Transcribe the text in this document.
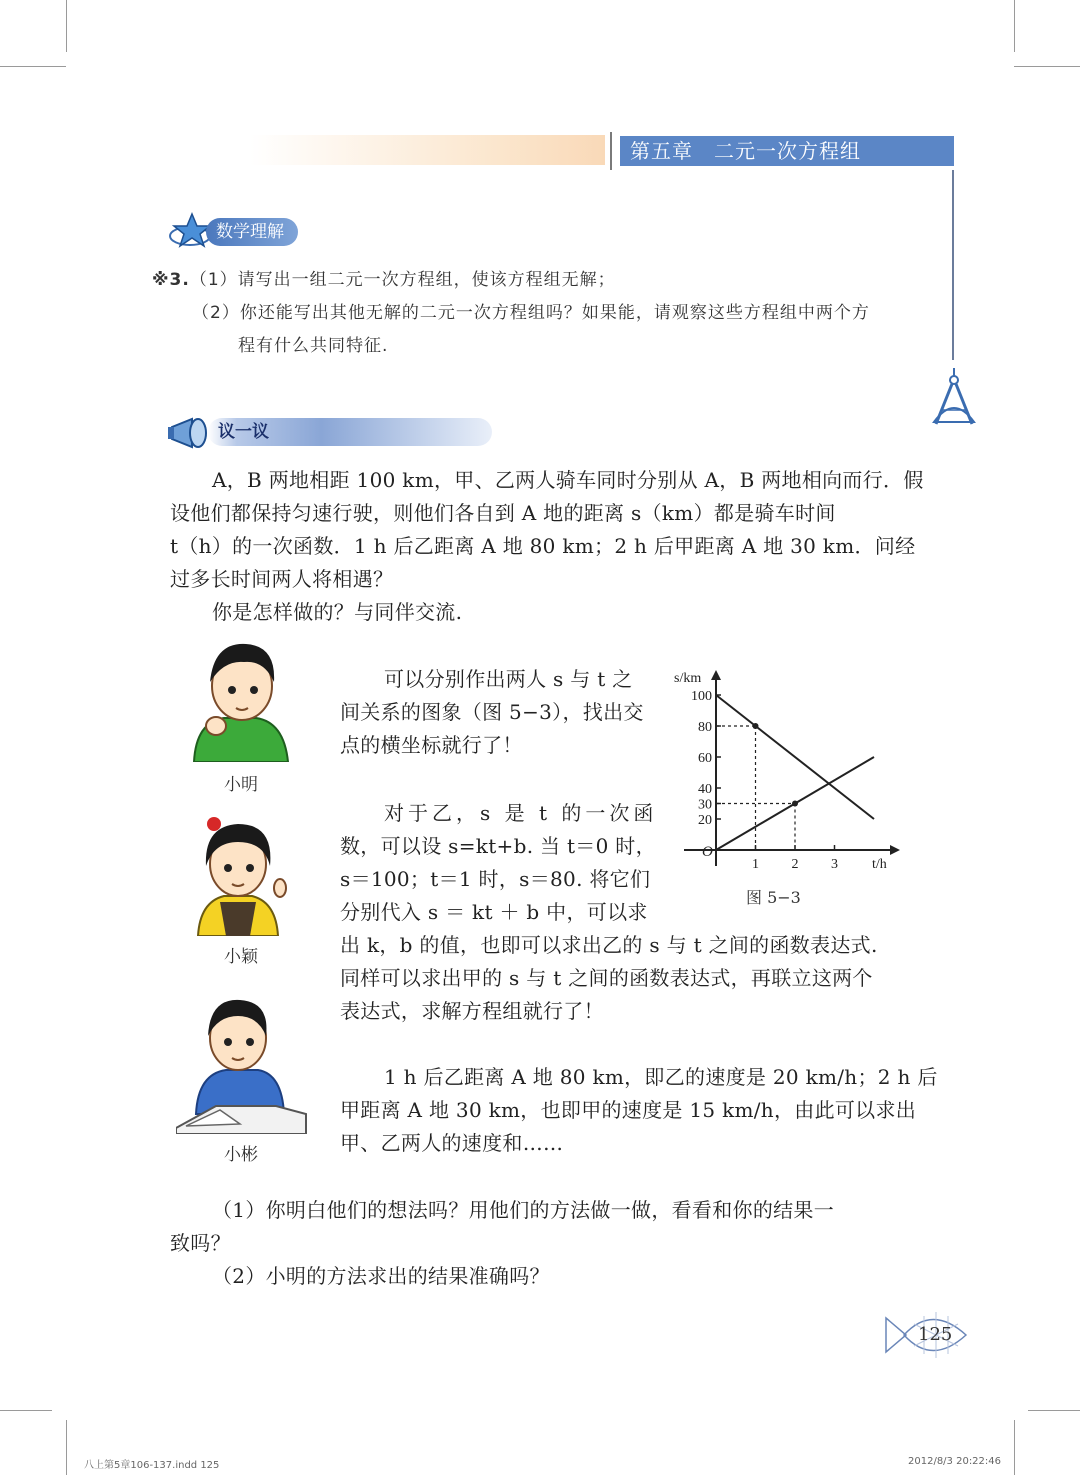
第五章　二元一次方程组
数学理解
※3.（1）请写出一组二元一次方程组，使该方程组无解；
（2）你还能写出其他无解的二元一次方程组吗？如果能，请观察这些方程组中两个方
程有什么共同特征.
议一议
A，B 两地相距 100 km，甲、乙两人骑车同时分别从 A，B 两地相向而行．假
设他们都保持匀速行驶，则他们各自到 A 地的距离 s（km）都是骑车时间
t（h）的一次函数．1 h 后乙距离 A 地 80 km；2 h 后甲距离 A 地 30 km．问经
过多长时间两人将相遇？
你是怎样做的？与同伴交流.
小明
可以分别作出两人 s 与 t 之
间关系的图象（图 5−3），找出交
点的横坐标就行了！
小颖
对于乙，s 是 t 的一次函
数，可以设 s=kt+b. 当 t＝0 时，
s＝100；t＝1 时，s＝80. 将它们
分别代入 s ＝ kt ＋ b 中，可以求
出 k，b 的值，也即可以求出乙的 s 与 t 之间的函数表达式.
同样可以求出甲的 s 与 t 之间的函数表达式，再联立这两个
表达式，求解方程组就行了！
小彬
1 h 后乙距离 A 地 80 km，即乙的速度是 20 km/h；2 h 后
甲距离 A 地 30 km，也即甲的速度是 15 km/h，由此可以求出
甲、乙两人的速度和……
100
80
60
40
30
20
1 2 3
O
s/km
t/h
图 5−3
（1）你明白他们的想法吗？用他们的方法做一做，看看和你的结果一
致吗？
（2）小明的方法求出的结果准确吗？
125
八上第5章106-137.indd 125	2012/8/3 20:22:46
